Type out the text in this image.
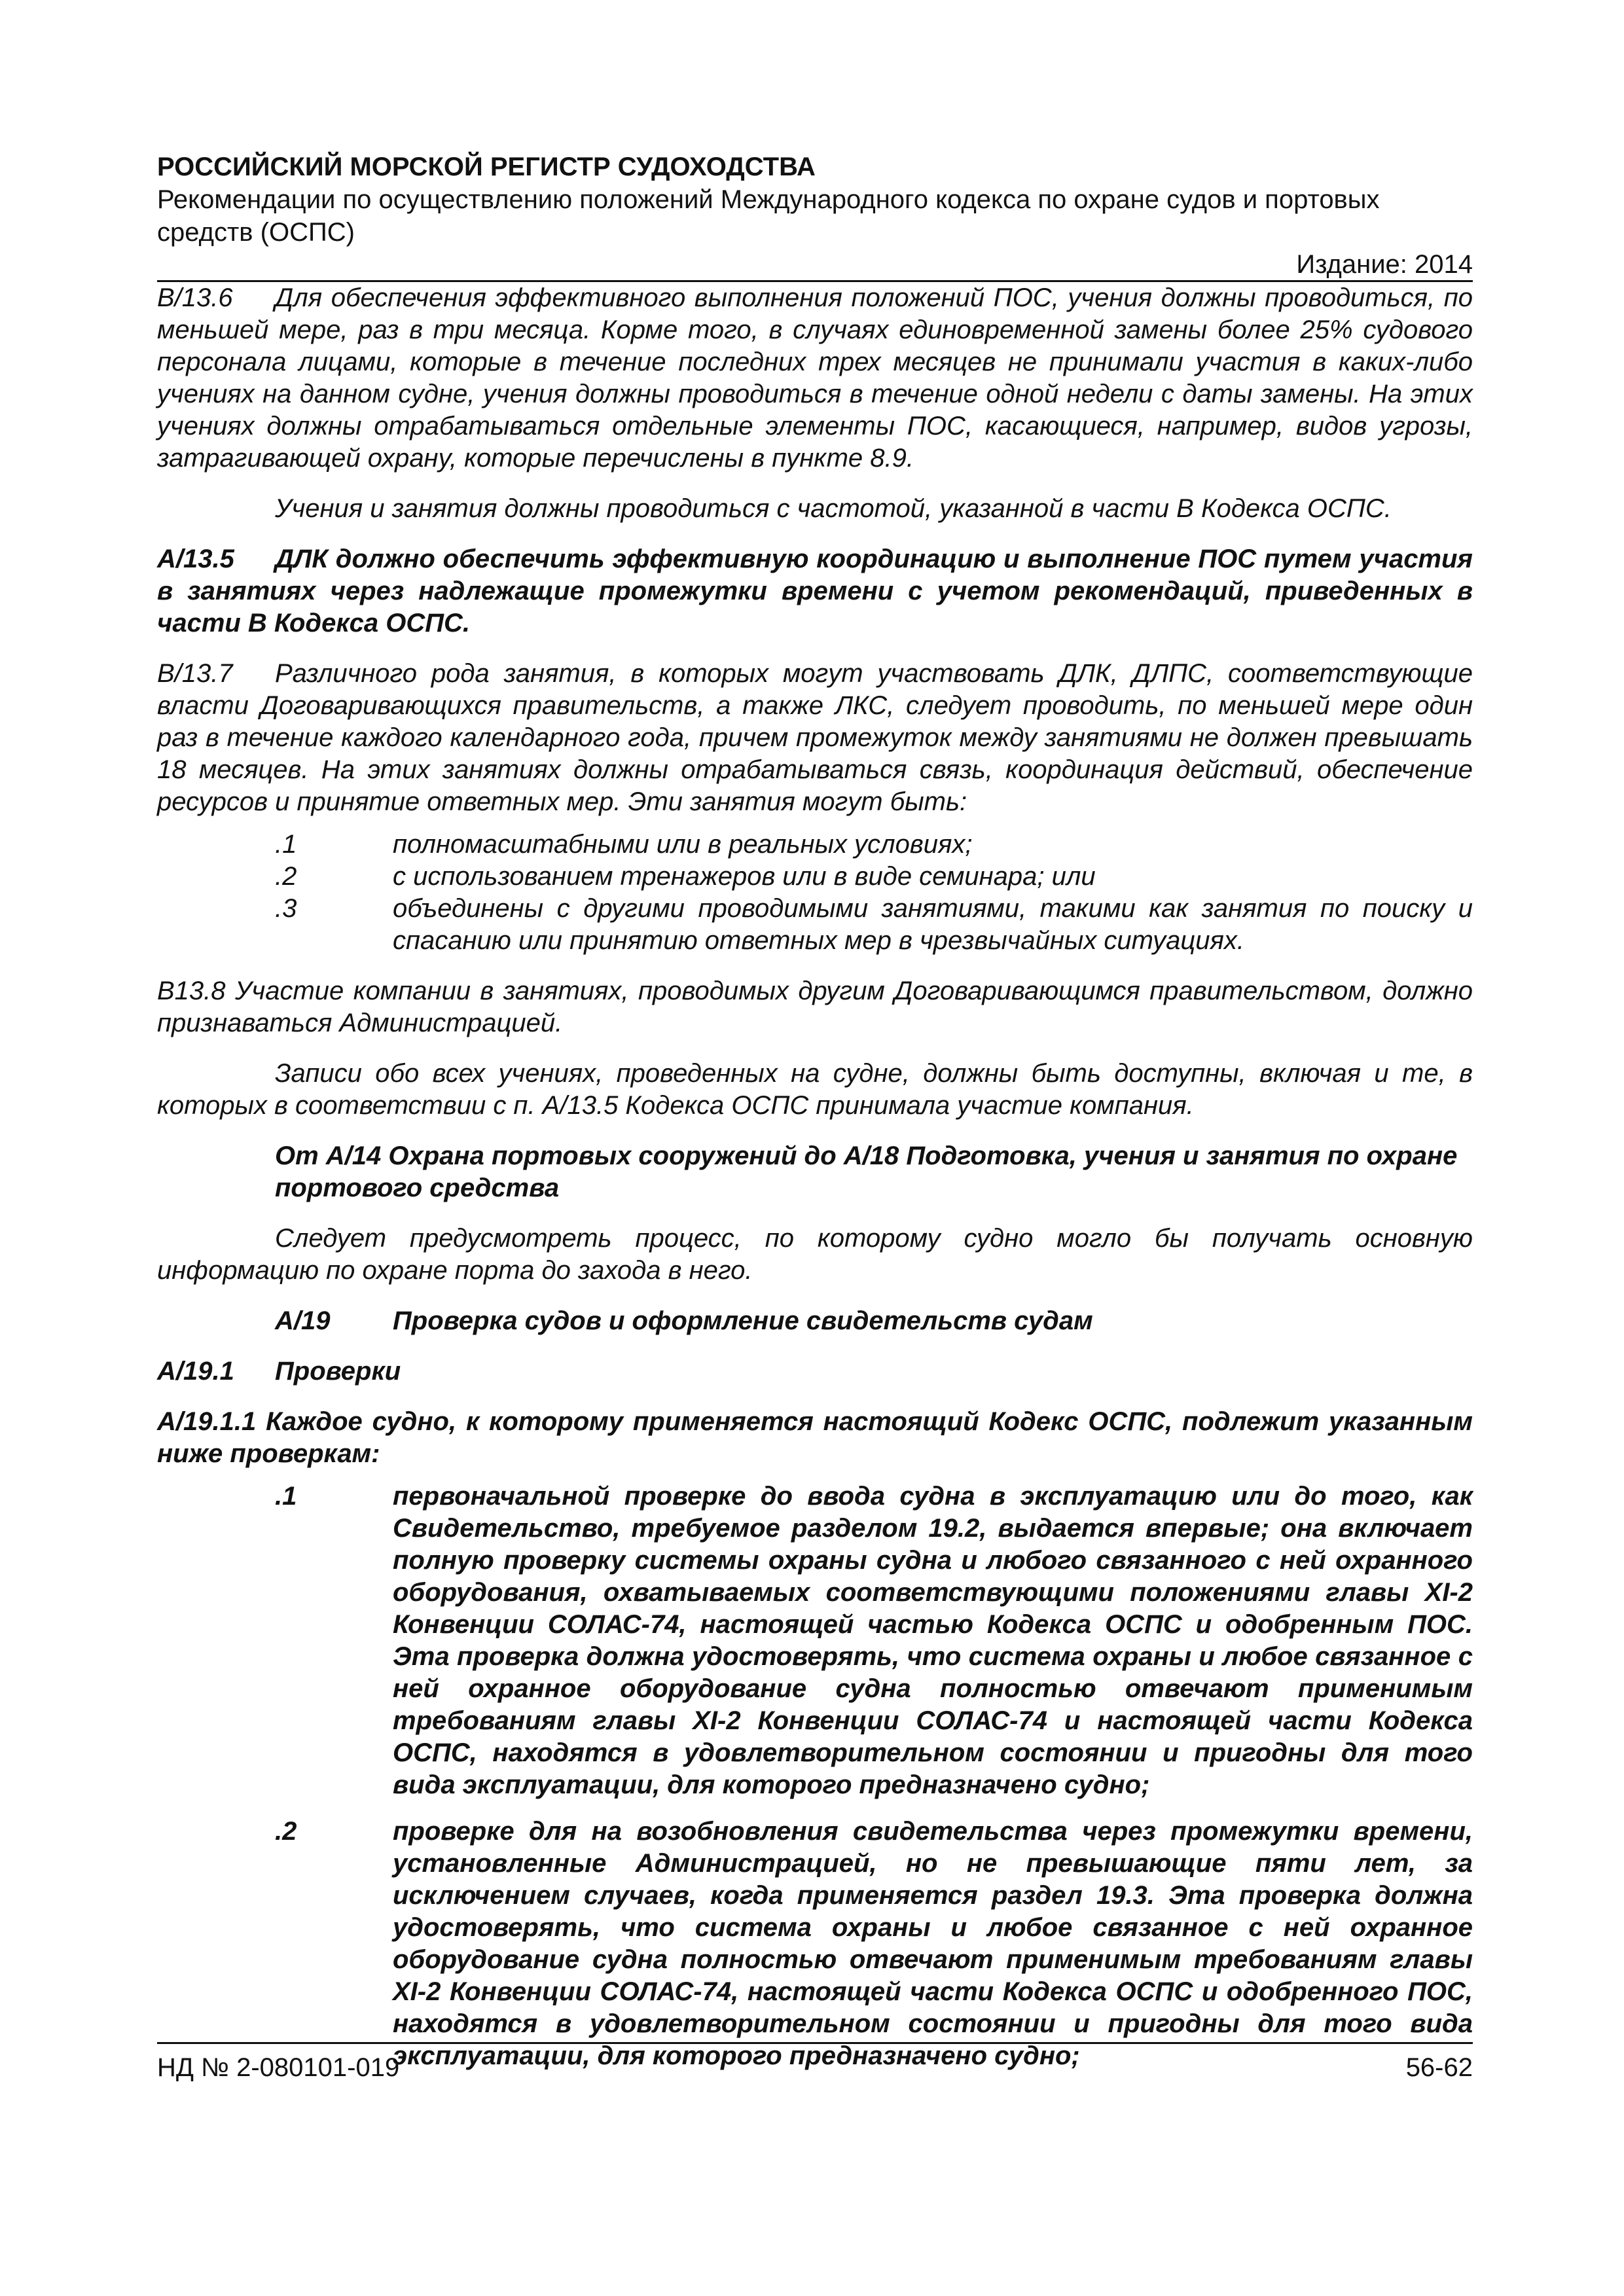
РОССИЙСКИЙ МОРСКОЙ РЕГИСТР СУДОХОДСТВА

Рекомендации по осуществлению положений Международного кодекса по охране судов и портовых средств (ОСПС)

Издание: 2014

В/13.6 Для обеспечения эффективного выполнения положений ПОС, учения должны проводиться, по меньшей мере, раз в три месяца. Корме того, в случаях единовременной замены более 25% судового персонала лицами, которые в течение последних трех месяцев не принимали участия в каких-либо учениях на данном судне, учения должны проводиться в течение одной недели с даты замены. На этих учениях должны отрабатываться отдельные элементы ПОС, касающиеся, например, видов угрозы, затрагивающей охрану, которые перечислены в пункте 8.9.

Учения и занятия должны проводиться с частотой, указанной в части В Кодекса ОСПС.

А/13.5 ДЛК должно обеспечить эффективную координацию и выполнение ПОС путем участия в занятиях через надлежащие промежутки времени с учетом рекомендаций, приведенных в части В Кодекса ОСПС.

В/13.7 Различного рода занятия, в которых могут участвовать ДЛК, ДЛПС, соответствующие власти Договаривающихся правительств, а также ЛКС, следует проводить, по меньшей мере один раз в течение каждого календарного года, причем промежуток между занятиями не должен превышать 18 месяцев. На этих занятиях должны отрабатываться связь, координация действий, обеспечение ресурсов и принятие ответных мер. Эти занятия могут быть:

.1	полномасштабными или в реальных условиях;
.2	с использованием тренажеров или в виде семинара; или
.3	объединены с другими проводимыми занятиями, такими как занятия по поиску и спасанию или принятию ответных мер в чрезвычайных ситуациях.

В13.8 Участие компании в занятиях, проводимых другим Договаривающимся правительством, должно признаваться Администрацией.

Записи обо всех учениях, проведенных на судне, должны быть доступны, включая и те, в которых в соответствии с п. А/13.5 Кодекса ОСПС принимала участие компания.

От А/14 Охрана портовых сооружений до А/18 Подготовка, учения и занятия по охране портового средства

Следует предусмотреть процесс, по которому судно могло бы получать основную информацию по охране порта до захода в него.

А/19	Проверка судов и оформление свидетельств судам
А/19.1	Проверки

А/19.1.1 Каждое судно, к которому применяется настоящий Кодекс ОСПС, подлежит указанным ниже проверкам:

.1	первоначальной проверке до ввода судна в эксплуатацию или до того, как Свидетельство, требуемое разделом 19.2, выдается впервые; она включает полную проверку системы охраны судна и любого связанного с ней охранного оборудования, охватываемых соответствующими положениями главы XI-2 Конвенции СОЛАС-74, настоящей частью Кодекса ОСПС и одобренным ПОС. Эта проверка должна удостоверять, что система охраны и любое связанное с ней охранное оборудование судна полностью отвечают применимым требованиям главы XI-2 Конвенции СОЛАС-74 и настоящей части Кодекса ОСПС, находятся в удовлетворительном состоянии и пригодны для того вида эксплуатации, для которого предназначено судно;
.2	проверке для на возобновления свидетельства через промежутки времени, установленные Администрацией, но не превышающие пяти лет, за исключением случаев, когда применяется раздел 19.3. Эта проверка должна удостоверять, что система охраны и любое связанное с ней охранное оборудование судна полностью отвечают применимым требованиям главы XI-2 Конвенции СОЛАС-74, настоящей части Кодекса ОСПС и одобренного ПОС, находятся в удовлетворительном состоянии и пригодны для того вида эксплуатации, для которого предназначено судно;
НД № 2-080101-019	56-62
